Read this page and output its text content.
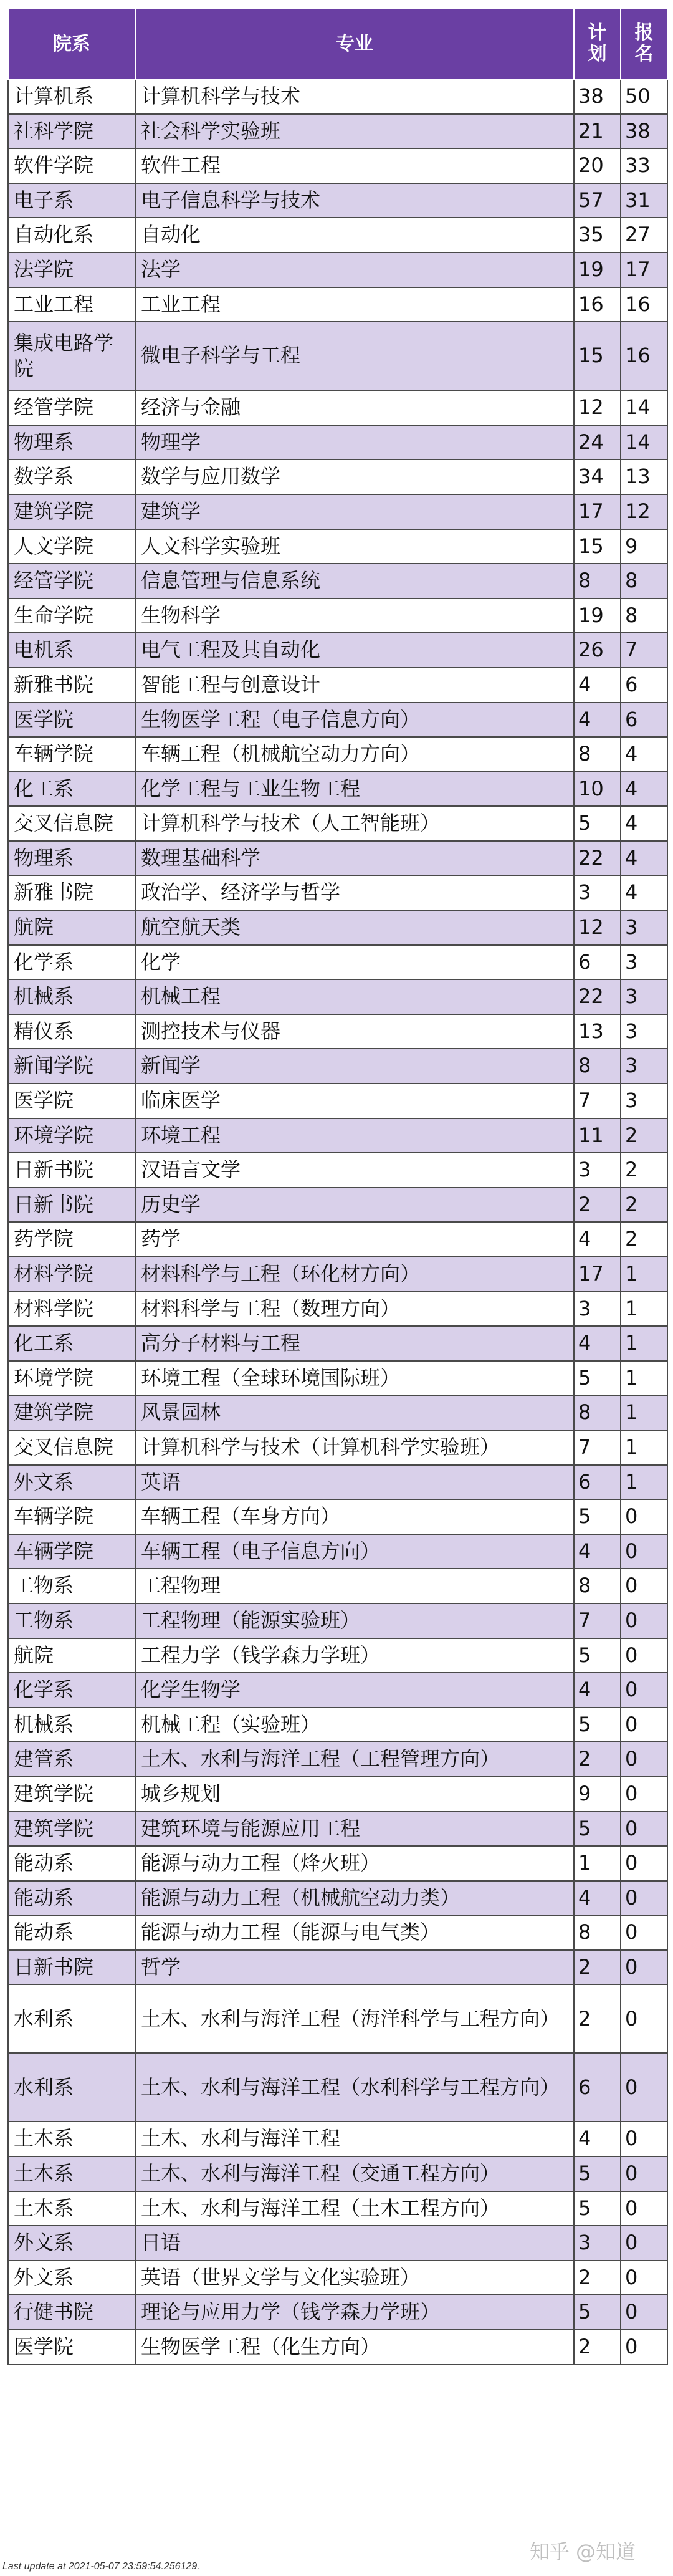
院系	专业	计划	报名
计算机系	计算机科学与技术	38	50
社科学院	社会科学实验班	21	38
软件学院	软件工程	20	33
电子系	电子信息科学与技术	57	31
自动化系	自动化	35	27
法学院	法学	19	17
工业工程	工业工程	16	16
集成电路学院	微电子科学与工程	15	16
经管学院	经济与金融	12	14
物理系	物理学	24	14
数学系	数学与应用数学	34	13
建筑学院	建筑学	17	12
人文学院	人文科学实验班	15	9
经管学院	信息管理与信息系统	8	8
生命学院	生物科学	19	8
电机系	电气工程及其自动化	26	7
新雅书院	智能工程与创意设计	4	6
医学院	生物医学工程（电子信息方向）	4	6
车辆学院	车辆工程（机械航空动力方向）	8	4
化工系	化学工程与工业生物工程	10	4
交叉信息院	计算机科学与技术（人工智能班）	5	4
物理系	数理基础科学	22	4
新雅书院	政治学、经济学与哲学	3	4
航院	航空航天类	12	3
化学系	化学	6	3
机械系	机械工程	22	3
精仪系	测控技术与仪器	13	3
新闻学院	新闻学	8	3
医学院	临床医学	7	3
环境学院	环境工程	11	2
日新书院	汉语言文学	3	2
日新书院	历史学	2	2
药学院	药学	4	2
材料学院	材料科学与工程（环化材方向）	17	1
材料学院	材料科学与工程（数理方向）	3	1
化工系	高分子材料与工程	4	1
环境学院	环境工程（全球环境国际班）	5	1
建筑学院	风景园林	8	1
交叉信息院	计算机科学与技术（计算机科学实验班）	7	1
外文系	英语	6	1
车辆学院	车辆工程（车身方向）	5	0
车辆学院	车辆工程（电子信息方向）	4	0
工物系	工程物理	8	0
工物系	工程物理（能源实验班）	7	0
航院	工程力学（钱学森力学班）	5	0
化学系	化学生物学	4	0
机械系	机械工程（实验班）	5	0
建管系	土木、水利与海洋工程（工程管理方向）	2	0
建筑学院	城乡规划	9	0
建筑学院	建筑环境与能源应用工程	5	0
能动系	能源与动力工程（烽火班）	1	0
能动系	能源与动力工程（机械航空动力类）	4	0
能动系	能源与动力工程（能源与电气类）	8	0
日新书院	哲学	2	0
水利系	土木、水利与海洋工程（海洋科学与工程方向）	2	0
水利系	土木、水利与海洋工程（水利科学与工程方向）	6	0
土木系	土木、水利与海洋工程	4	0
土木系	土木、水利与海洋工程（交通工程方向）	5	0
土木系	土木、水利与海洋工程（土木工程方向）	5	0
外文系	日语	3	0
外文系	英语（世界文学与文化实验班）	2	0
行健书院	理论与应用力学（钱学森力学班）	5	0
医学院	生物医学工程（化生方向）	2	0
知乎 @知道
Last update at 2021-05-07 23:59:54.256129.
